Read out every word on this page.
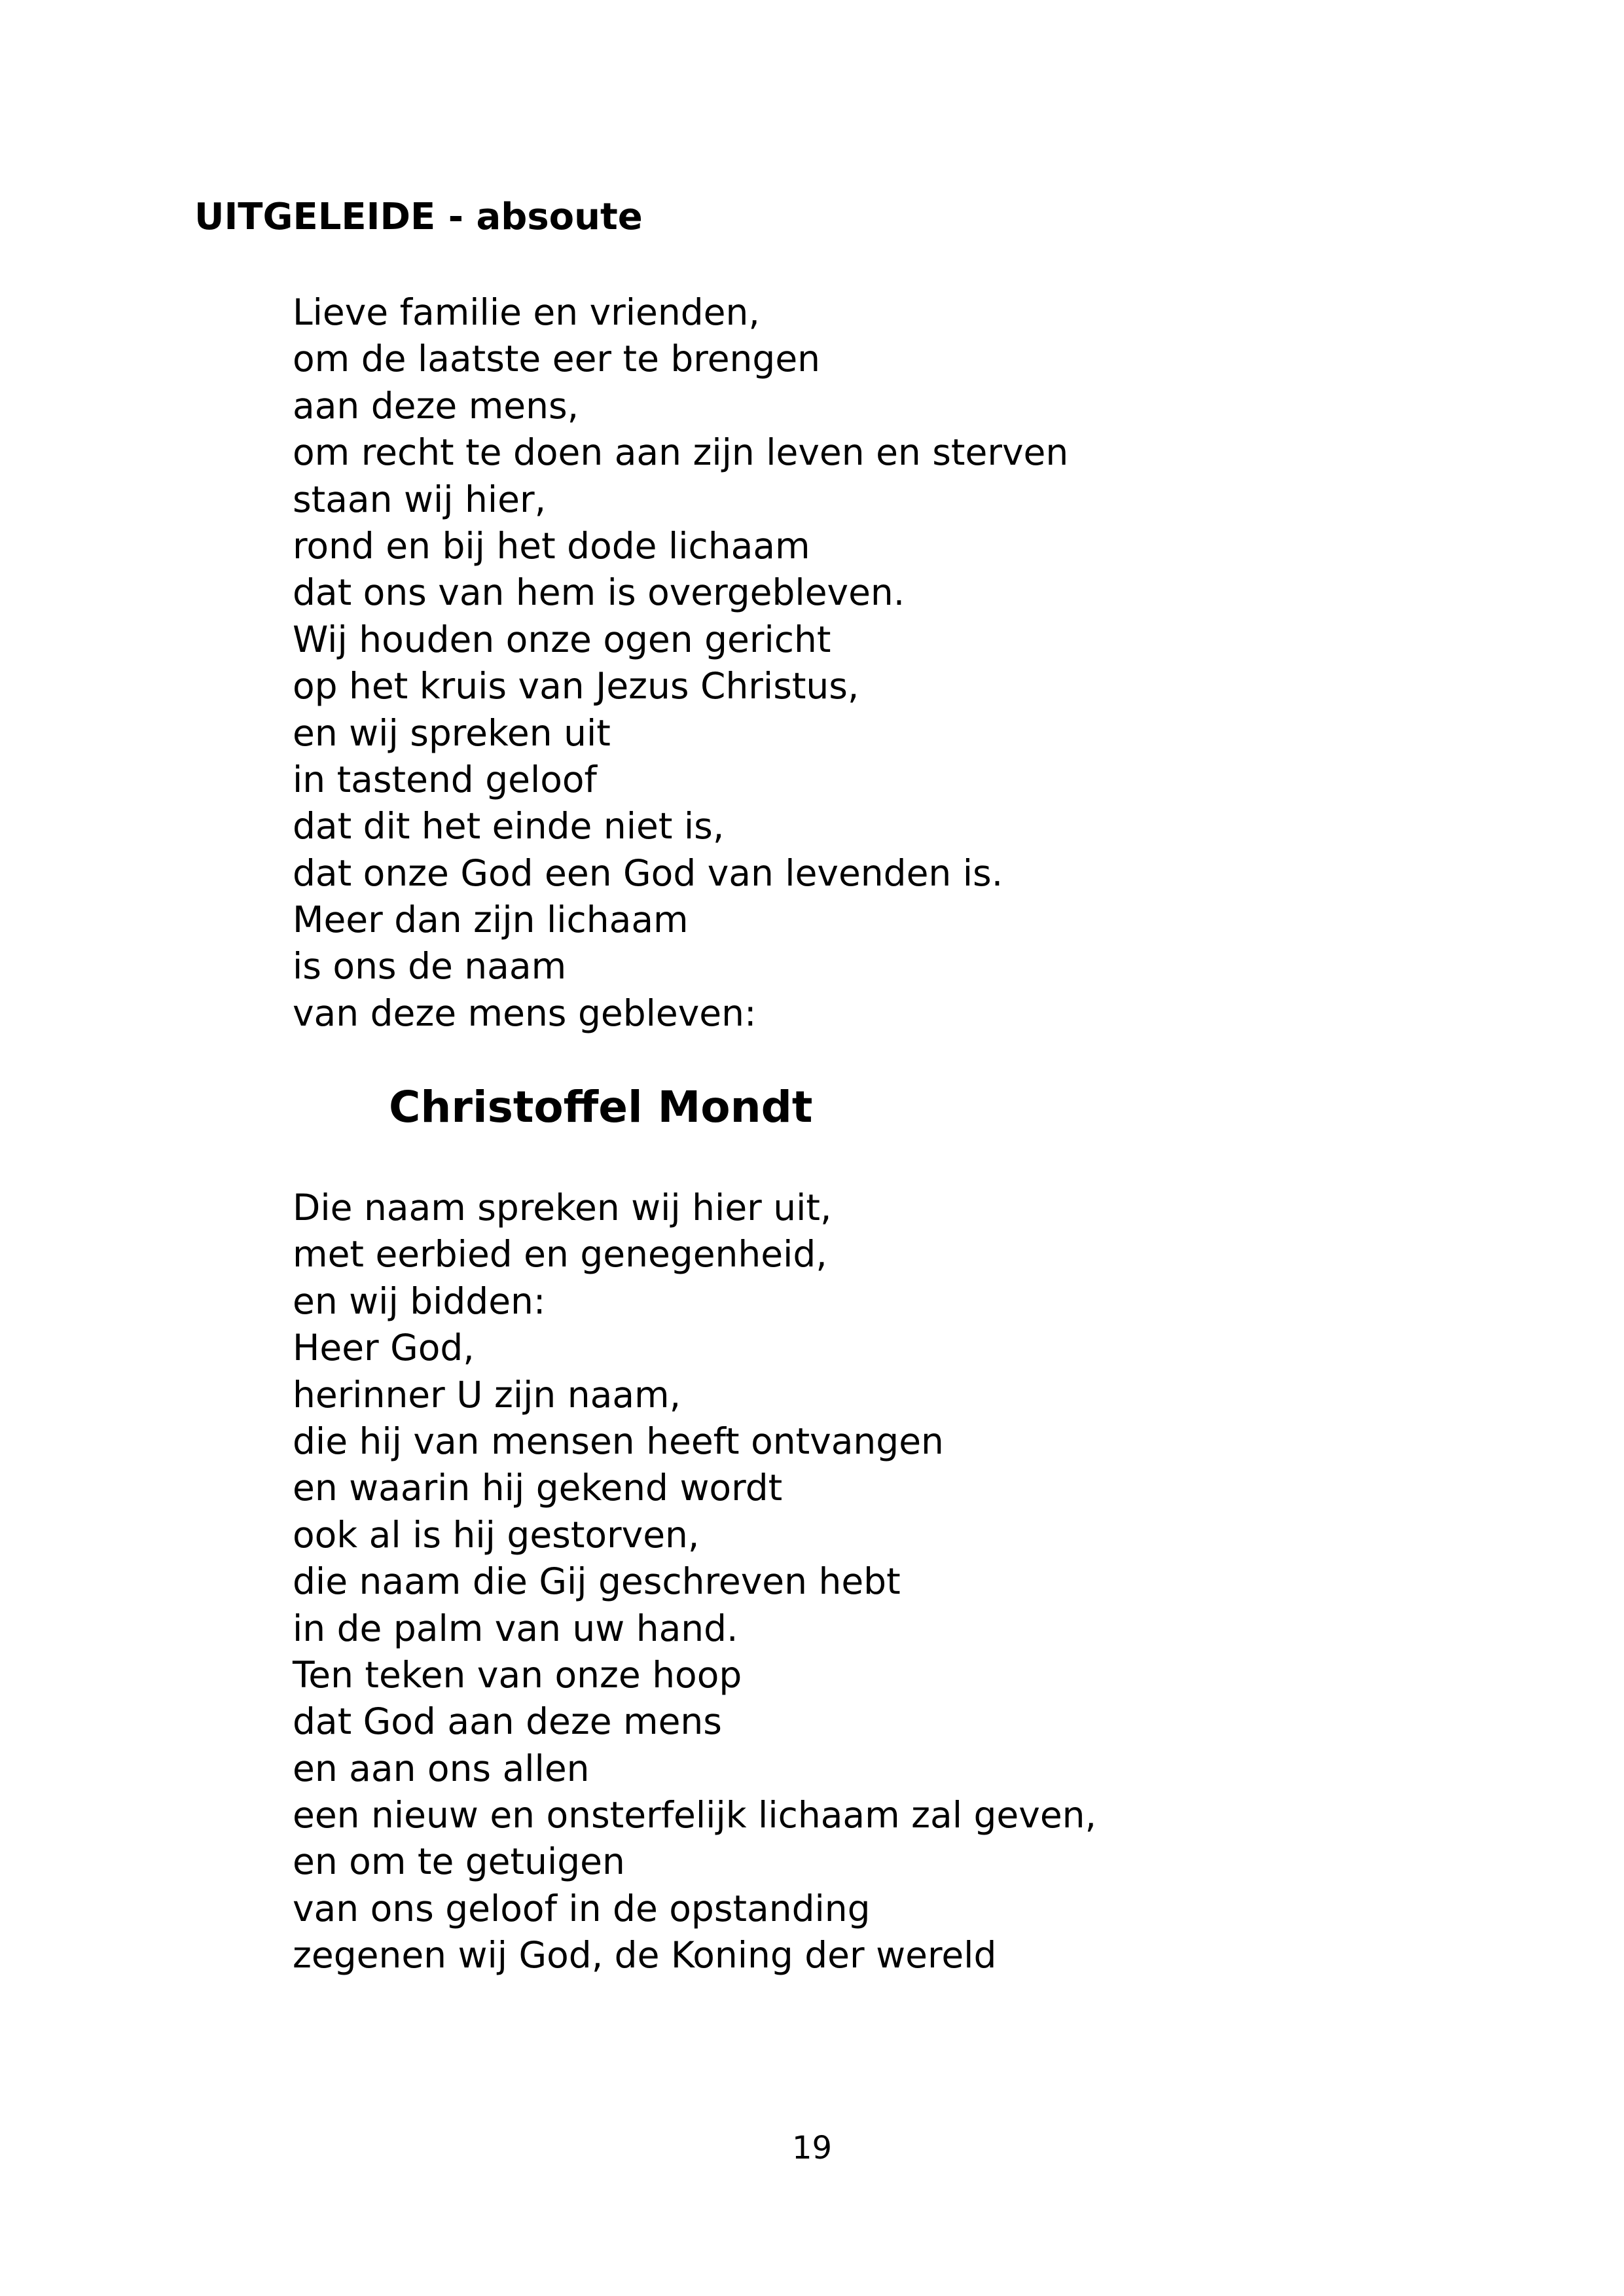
UITGELEIDE - absoute
Lieve familie en vrienden,
om de laatste eer te brengen
aan deze mens,
om recht te doen aan zijn leven en sterven
staan wij hier,
rond en bij het dode lichaam
dat ons van hem is overgebleven.
Wij houden onze ogen gericht
op het kruis van Jezus Christus,
en wij spreken uit
in tastend geloof
dat dit het einde niet is,
dat onze God een God van levenden is.
Meer dan zijn lichaam
is ons de naam
van deze mens gebleven:
Christoffel Mondt
Die naam spreken wij hier uit,
met eerbied en genegenheid,
en wij bidden:
Heer God,
herinner U zijn naam,
die hij van mensen heeft ontvangen
en waarin hij gekend wordt
ook al is hij gestorven,
die naam die Gij geschreven hebt
in de palm van uw hand.
Ten teken van onze hoop
dat God aan deze mens
en aan ons allen
een nieuw en onsterfelijk lichaam zal geven,
en om te getuigen
van ons geloof in de opstanding
zegenen wij God, de Koning der wereld
19
